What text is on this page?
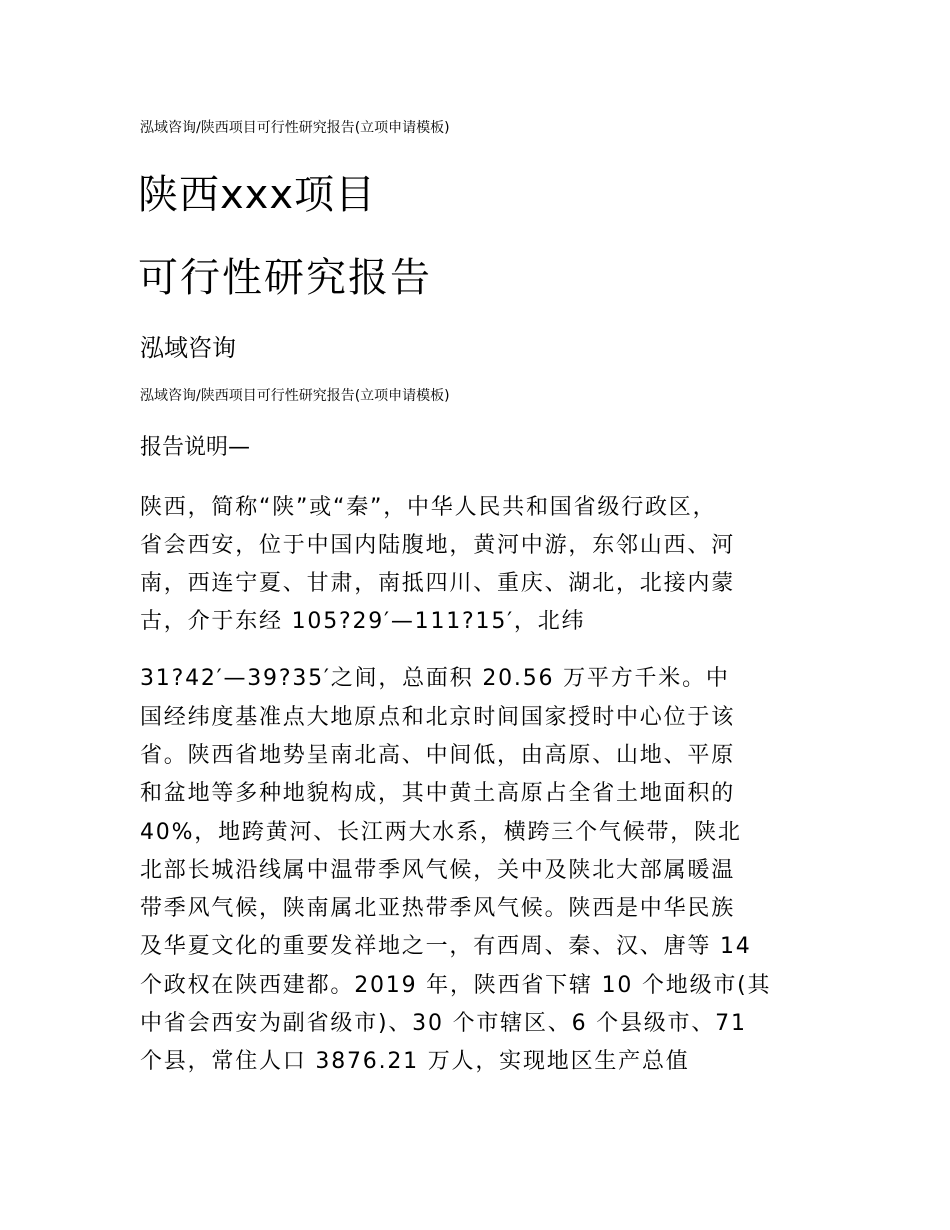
泓域咨询/陕西项目可行性研究报告(立项申请模板)
陕西xxx项目
可行性研究报告
泓域咨询
泓域咨询/陕西项目可行性研究报告(立项申请模板)
报告说明—
陕西，简称“陕”或“秦”，中华人民共和国省级行政区，
省会西安，位于中国内陆腹地，黄河中游，东邻山西、河
南，西连宁夏、甘肃，南抵四川、重庆、湖北，北接内蒙
古，介于东经 105?29′—111?15′，北纬
31?42′—39?35′之间，总面积 20.56 万平方千米。中
国经纬度基准点大地原点和北京时间国家授时中心位于该
省。陕西省地势呈南北高、中间低，由高原、山地、平原
和盆地等多种地貌构成，其中黄土高原占全省土地面积的
40%，地跨黄河、长江两大水系，横跨三个气候带，陕北
北部长城沿线属中温带季风气候，关中及陕北大部属暖温
带季风气候，陕南属北亚热带季风气候。陕西是中华民族
及华夏文化的重要发祥地之一，有西周、秦、汉、唐等 14
个政权在陕西建都。2019 年，陕西省下辖 10 个地级市(其
中省会西安为副省级市)、30 个市辖区、6 个县级市、71
个县，常住人口 3876.21 万人，实现地区生产总值
